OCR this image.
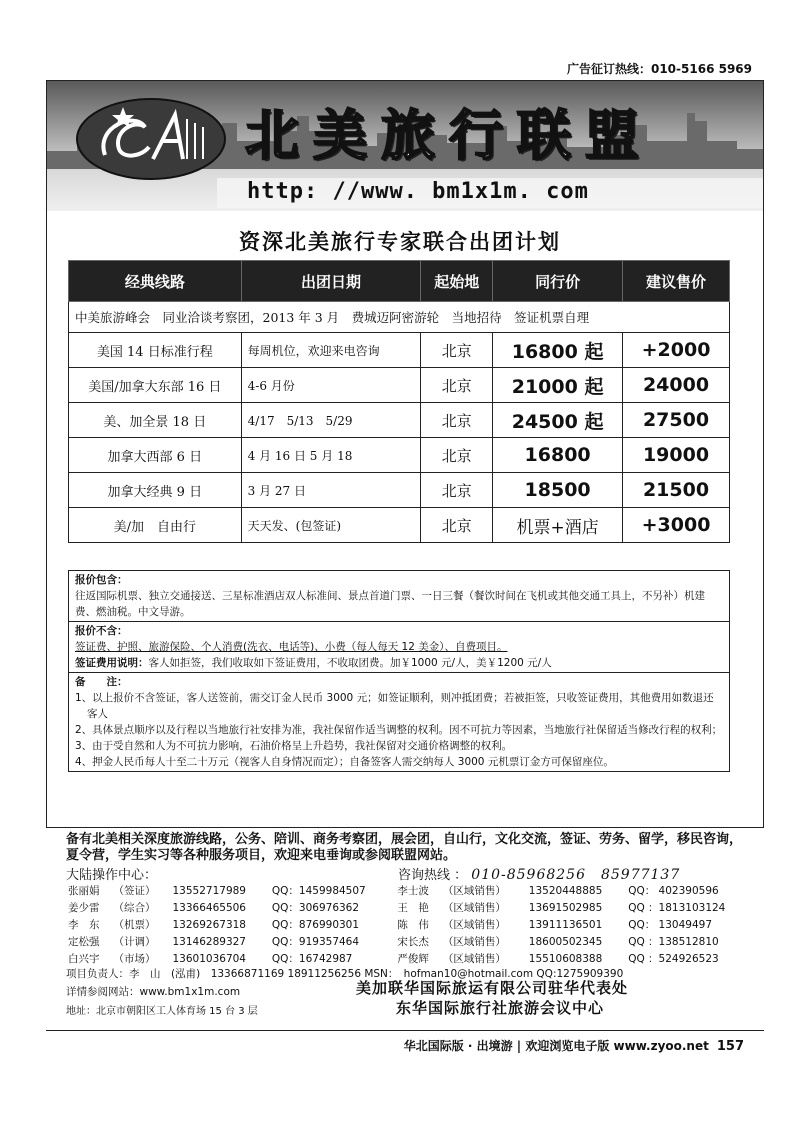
广告征订热线：010-5166 5969
北美旅行联盟
http: //www. bm1x1m. com
资深北美旅行专家联合出团计划
经典线路	出团日期	起始地	同行价	建议售价
中美旅游峰会　同业洽谈考察团，2013 年 3 月　费城迈阿密游轮　当地招待　签证机票自理				
美国 14 日标准行程	每周机位，欢迎来电咨询	北京	16800 起	+2000
美国/加拿大东部 16 日	4-6 月份	北京	21000 起	24000
美、加全景 18 日	4/17　5/13　5/29	北京	24500 起	27500
加拿大西部 6 日	4 月 16 日 5 月 18	北京	16800	19000
加拿大经典 9 日	3 月 27 日	北京	18500	21500
美/加　自由行	天天发、(包签证)	北京	机票+酒店	+3000
报价包含：
往返国际机票、独立交通接送、三星标准酒店双人标准间、景点首道门票、一日三餐（餐饮时间在飞机或其他交通工具上，不另补）机建费、燃油税。中文导游。
报价不含：
签证费、护照、旅游保险、个人消费(洗衣、电话等)、小费（每人每天 12 美金）、自费项目。
签证费用说明：客人如拒签，我们收取如下签证费用，不收取团费。加￥1000 元/人，美￥1200 元/人
备　　注：
1、以上报价不含签证，客人送签前，需交订金人民币 3000 元；如签证顺利，则冲抵团费；若被拒签，只收签证费用，其他费用如数退还客人
2、具体景点顺序以及行程以当地旅行社安排为准，我社保留作适当调整的权利。因不可抗力等因素，当地旅行社保留适当修改行程的权利；
3、由于受自然和人为不可抗力影响，石油价格呈上升趋势，我社保留对交通价格调整的权利。
4、押金人民币每人十至二十万元（视客人自身情况而定）；自备签客人需交纳每人 3000 元机票订金方可保留座位。
备有北美相关深度旅游线路，公务、陪训、商务考察团，展会团，自山行，文化交流，签证、劳务、留学，移民咨询，夏令营，学生实习等各种服务项目，欢迎来电垂询或参阅联盟网站。
大陆操作中心：	咨询热线 ： 010-85968256　85977137
张丽娟	（签证）	13552717989	QQ：1459984507	李士波	（区域销售）	13520448885	QQ： 402390596
姜少雷	（综合）	13366465506	QQ：306976362	王　艳	（区域销售）	13691502985	QQ ：1813103124
李　东	（机票）	13269267318	QQ：876990301	陈　伟	（区域销售）	13911136501	QQ： 13049497
定松强	（计调）	13146289327	QQ：919357464	宋长杰	（区域销售）	18600502345	QQ ：138512810
白兴宇	（市场）	13601036704	QQ：16742987	严俊辉	（区域销售）	15510608388	QQ ：524926523
项目负责人：李　山　(泓甫)　13366871169 18911256256 MSN：　hofman10@hotmail.com QQ:1275909390
详情参阅网站：www.bm1x1m.com
地址：北京市朝阳区工人体育场 15 台 3 层
美加联华国际旅运有限公司驻华代表处
东华国际旅行社旅游会议中心
华北国际版 · 出境游 | 欢迎浏览电子版 www.zyoo.net 157
